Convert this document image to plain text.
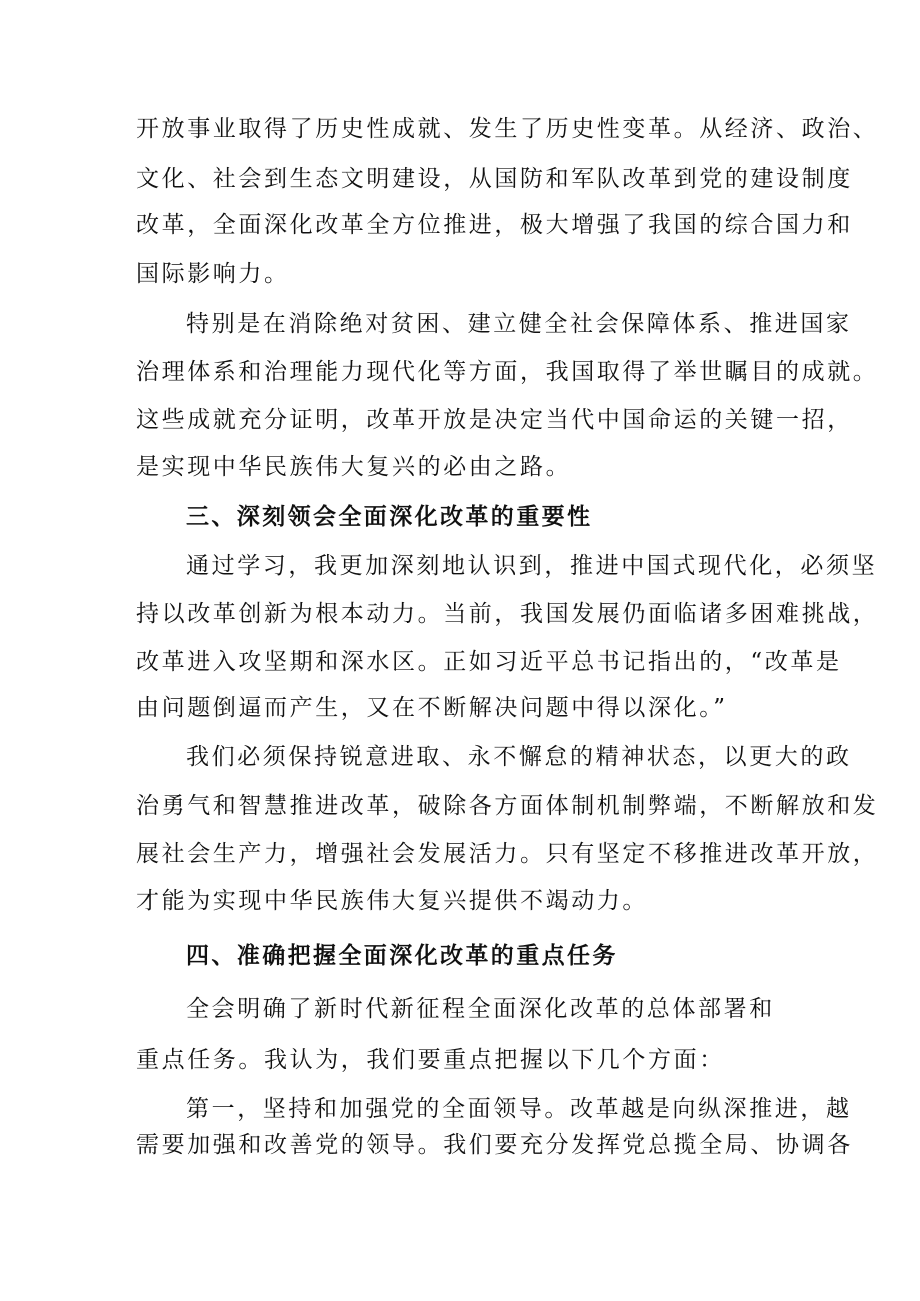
开放事业取得了历史性成就、发生了历史性变革。从经济、政治、

文化、社会到生态文明建设，从国防和军队改革到党的建设制度

改革，全面深化改革全方位推进，极大增强了我国的综合国力和

国际影响力。

特别是在消除绝对贫困、建立健全社会保障体系、推进国家

治理体系和治理能力现代化等方面，我国取得了举世瞩目的成就。

这些成就充分证明，改革开放是决定当代中国命运的关键一招，

是实现中华民族伟大复兴的必由之路。

三、深刻领会全面深化改革的重要性

通过学习，我更加深刻地认识到，推进中国式现代化，必须坚

持以改革创新为根本动力。当前，我国发展仍面临诸多困难挑战，

改革进入攻坚期和深水区。正如习近平总书记指出的，“改革是

由问题倒逼而产生，又在不断解决问题中得以深化。”

我们必须保持锐意进取、永不懈怠的精神状态，以更大的政

治勇气和智慧推进改革，破除各方面体制机制弊端，不断解放和发

展社会生产力，增强社会发展活力。只有坚定不移推进改革开放，

才能为实现中华民族伟大复兴提供不竭动力。

四、准确把握全面深化改革的重点任务

全会明确了新时代新征程全面深化改革的总体部署和

重点任务。我认为，我们要重点把握以下几个方面：

第一，坚持和加强党的全面领导。改革越是向纵深推进，越

需要加强和改善党的领导。我们要充分发挥党总揽全局、协调各
